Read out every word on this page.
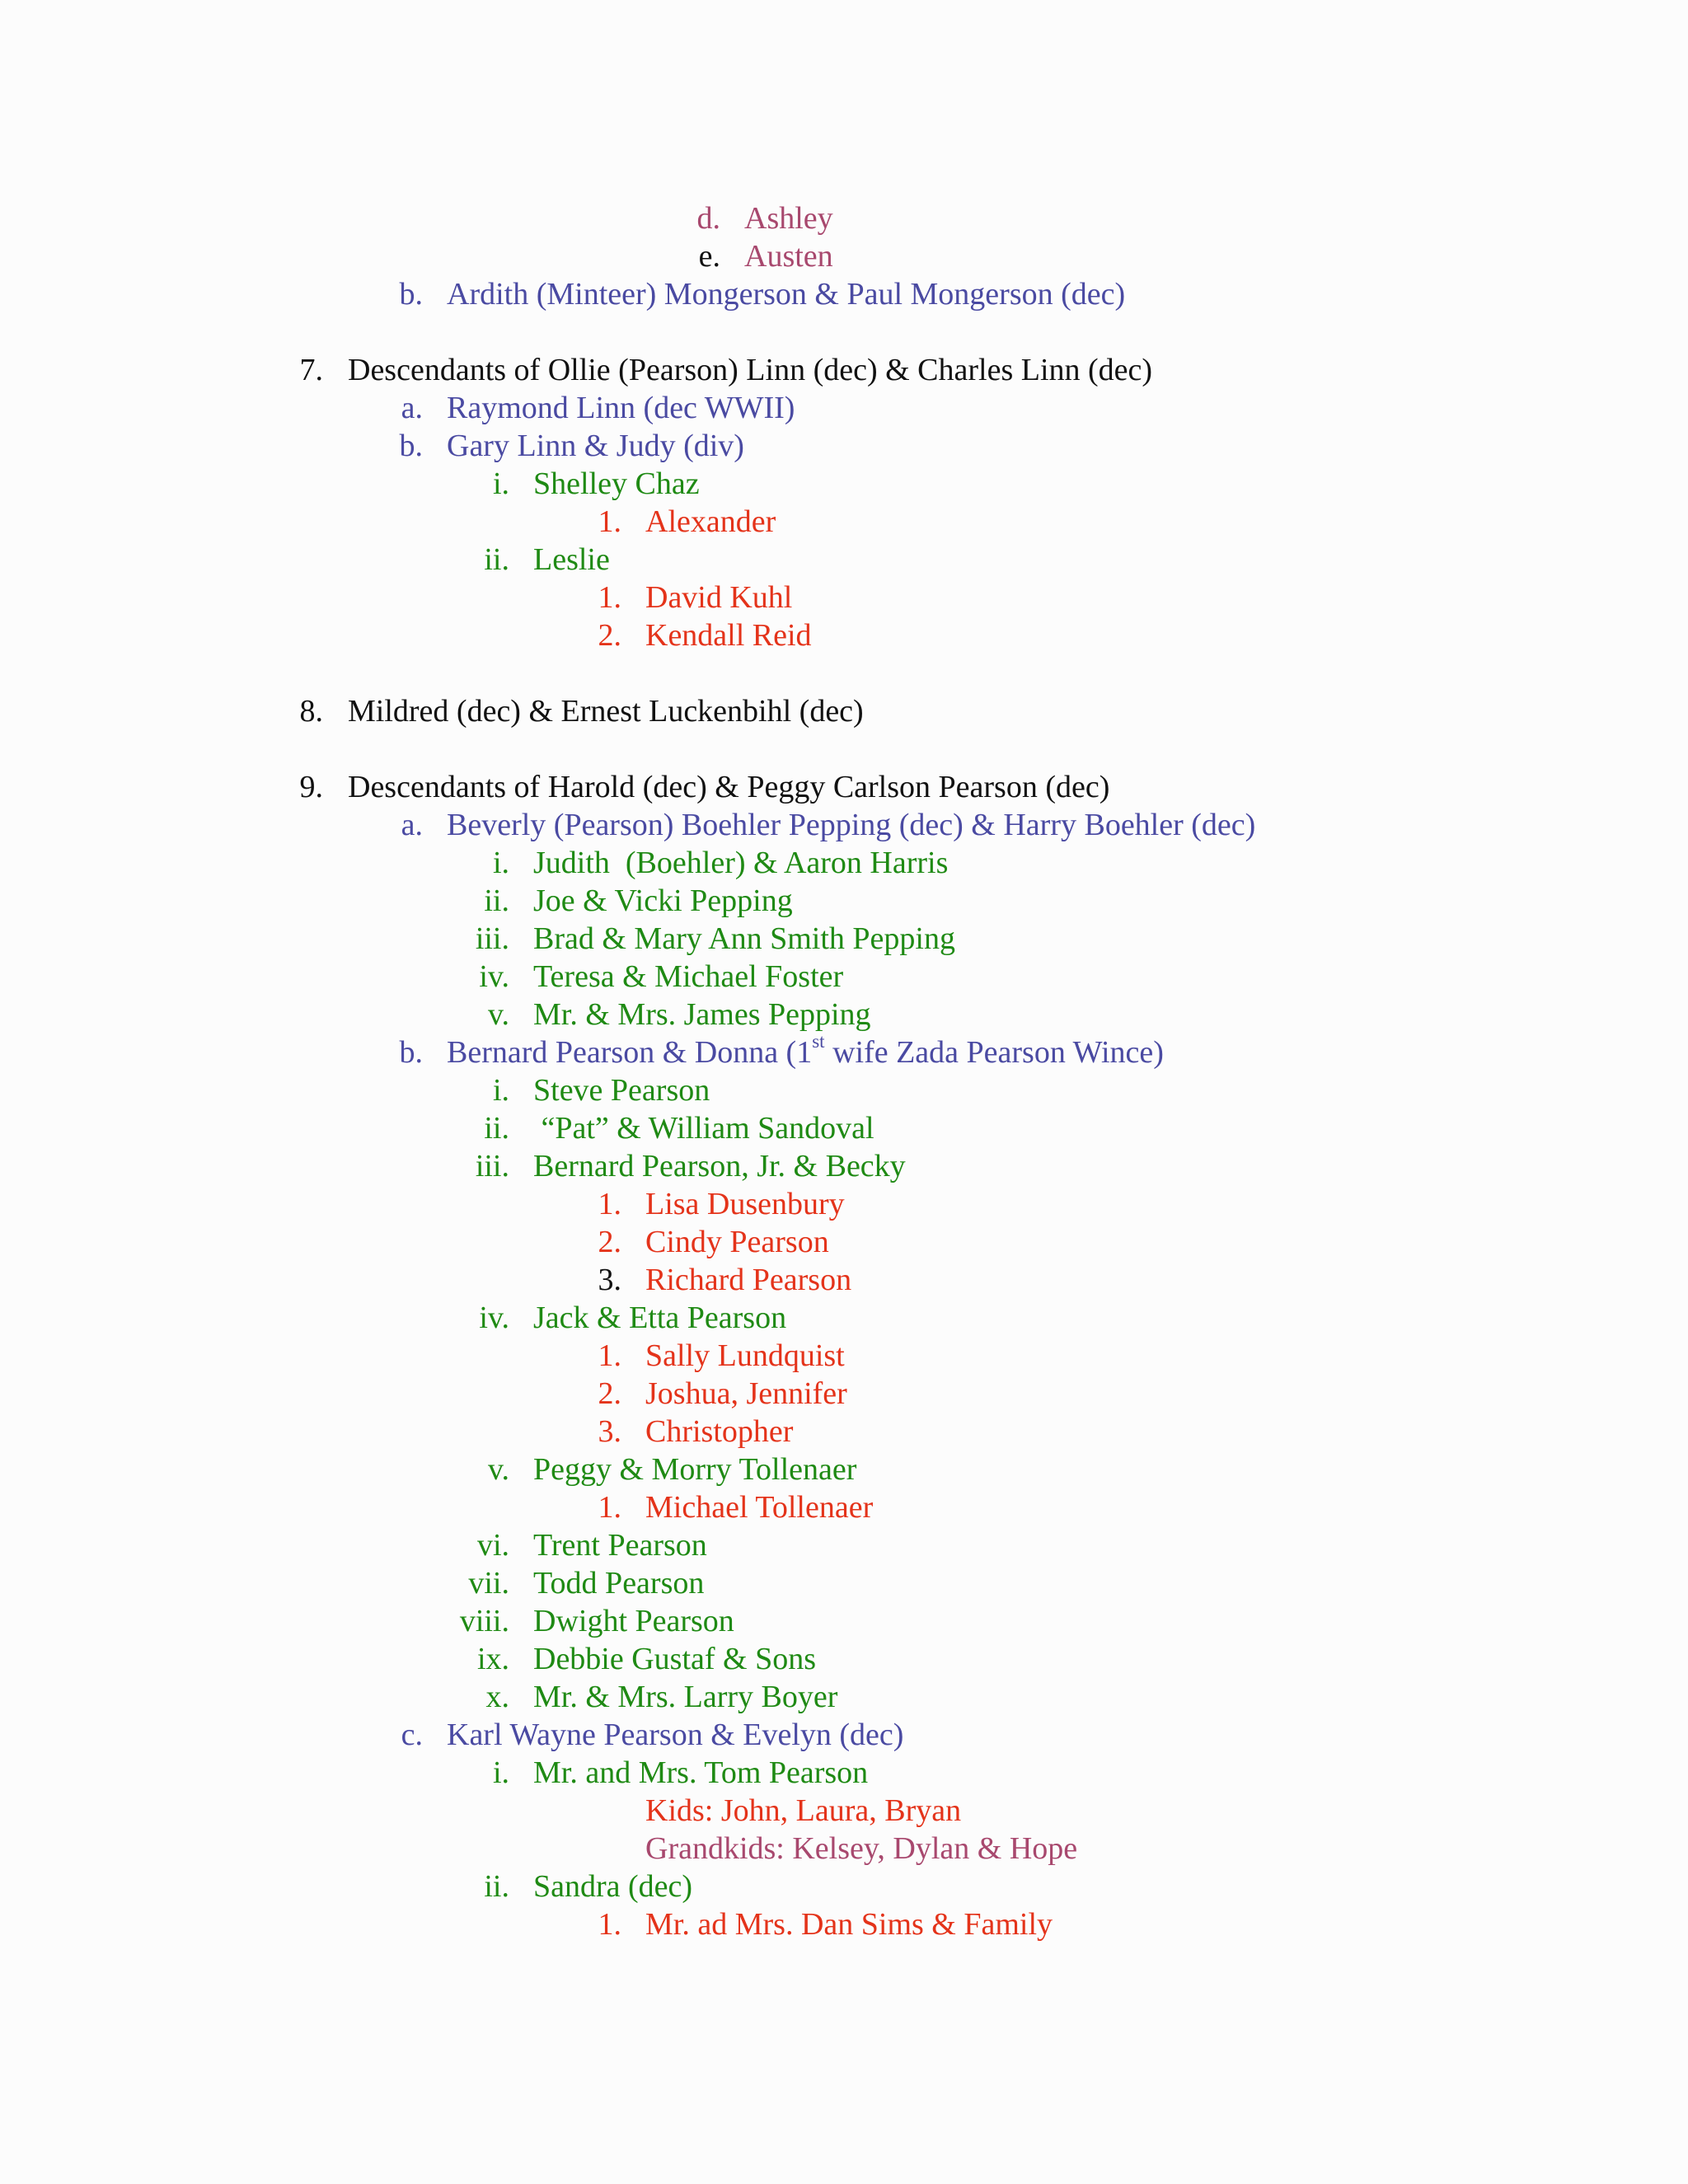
d. Ashley
e. Austen
b. Ardith (Minteer) Mongerson & Paul Mongerson (dec)
7. Descendants of Ollie (Pearson) Linn (dec) & Charles Linn (dec)
a. Raymond Linn (dec WWII)
b. Gary Linn & Judy (div)
i. Shelley Chaz
1. Alexander
ii. Leslie
1. David Kuhl
2. Kendall Reid
8. Mildred (dec) & Ernest Luckenbihl (dec)
9. Descendants of Harold (dec) & Peggy Carlson Pearson (dec)
a. Beverly (Pearson) Boehler Pepping (dec) & Harry Boehler (dec)
i. Judith  (Boehler) & Aaron Harris
ii. Joe & Vicki Pepping
iii. Brad & Mary Ann Smith Pepping
iv. Teresa & Michael Foster
v. Mr. & Mrs. James Pepping
b. Bernard Pearson & Donna (1st wife Zada Pearson Wince)
i. Steve Pearson
ii. “Pat” & William Sandoval
iii. Bernard Pearson, Jr. & Becky
1. Lisa Dusenbury
2. Cindy Pearson
3. Richard Pearson
iv. Jack & Etta Pearson
1. Sally Lundquist
2. Joshua, Jennifer
3. Christopher
v. Peggy & Morry Tollenaer
1. Michael Tollenaer
vi. Trent Pearson
vii. Todd Pearson
viii. Dwight Pearson
ix. Debbie Gustaf & Sons
x. Mr. & Mrs. Larry Boyer
c. Karl Wayne Pearson & Evelyn (dec)
i. Mr. and Mrs. Tom Pearson
Kids: John, Laura, Bryan
Grandkids: Kelsey, Dylan & Hope
ii. Sandra (dec)
1. Mr. ad Mrs. Dan Sims & Family
